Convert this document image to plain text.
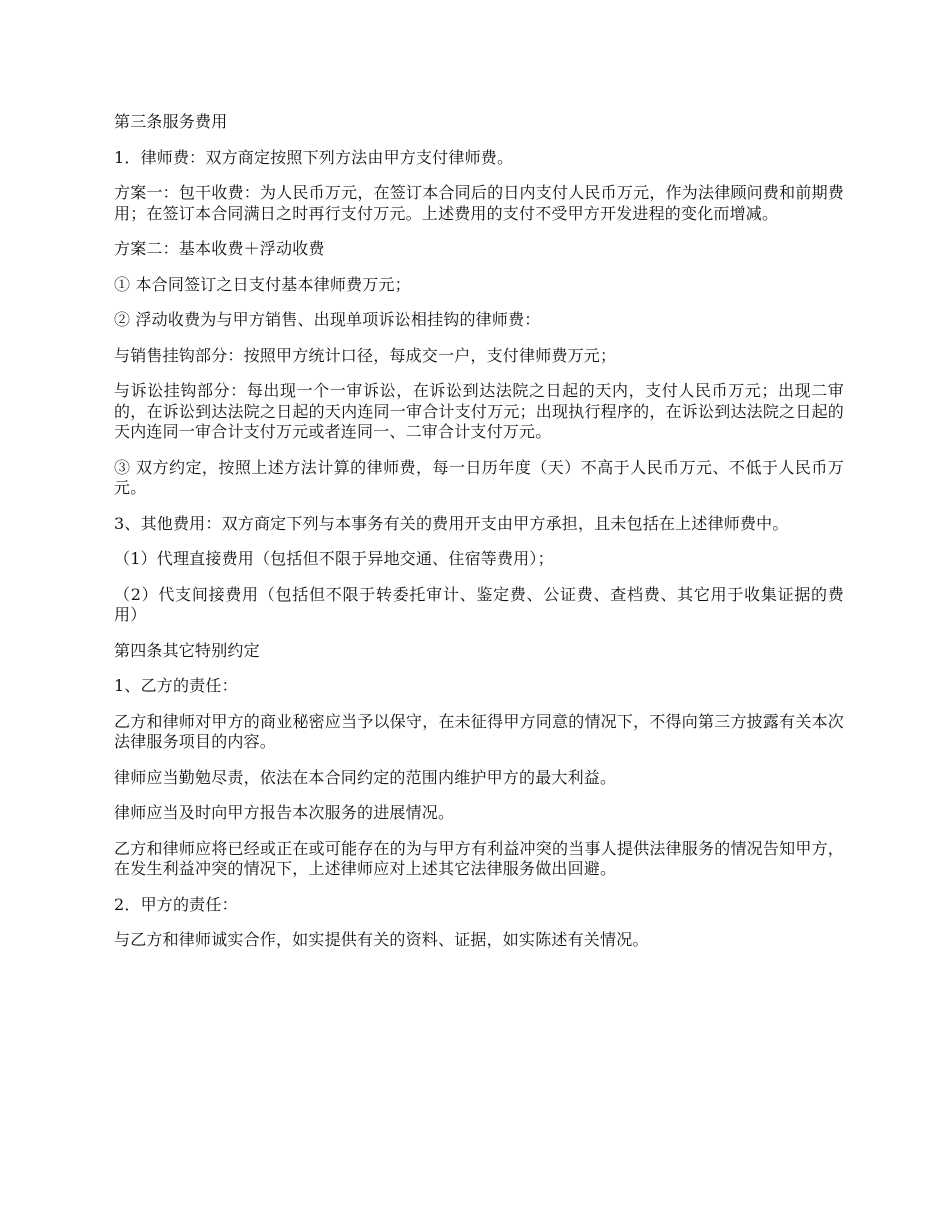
第三条服务费用

1．律师费：双方商定按照下列方法由甲方支付律师费。

方案一：包干收费：为人民币万元，在签订本合同后的日内支付人民币万元，作为法律顾问费和前期费用；在签订本合同满日之时再行支付万元。上述费用的支付不受甲方开发进程的变化而增减。

方案二：基本收费＋浮动收费

① 本合同签订之日支付基本律师费万元；

② 浮动收费为与甲方销售、出现单项诉讼相挂钩的律师费：

与销售挂钩部分：按照甲方统计口径，每成交一户，支付律师费万元；

与诉讼挂钩部分：每出现一个一审诉讼，在诉讼到达法院之日起的天内，支付人民币万元；出现二审的，在诉讼到达法院之日起的天内连同一审合计支付万元；出现执行程序的，在诉讼到达法院之日起的天内连同一审合计支付万元或者连同一、二审合计支付万元。

③ 双方约定，按照上述方法计算的律师费，每一日历年度（天）不高于人民币万元、不低于人民币万元。

3、其他费用：双方商定下列与本事务有关的费用开支由甲方承担，且未包括在上述律师费中。

（1）代理直接费用（包括但不限于异地交通、住宿等费用）；

（2）代支间接费用（包括但不限于转委托审计、鉴定费、公证费、查档费、其它用于收集证据的费用）

第四条其它特别约定

1、乙方的责任：

乙方和律师对甲方的商业秘密应当予以保守，在未征得甲方同意的情况下，不得向第三方披露有关本次法律服务项目的内容。

律师应当勤勉尽责，依法在本合同约定的范围内维护甲方的最大利益。

律师应当及时向甲方报告本次服务的进展情况。

乙方和律师应将已经或正在或可能存在的为与甲方有利益冲突的当事人提供法律服务的情况告知甲方，在发生利益冲突的情况下，上述律师应对上述其它法律服务做出回避。

2．甲方的责任：

与乙方和律师诚实合作，如实提供有关的资料、证据，如实陈述有关情况。
